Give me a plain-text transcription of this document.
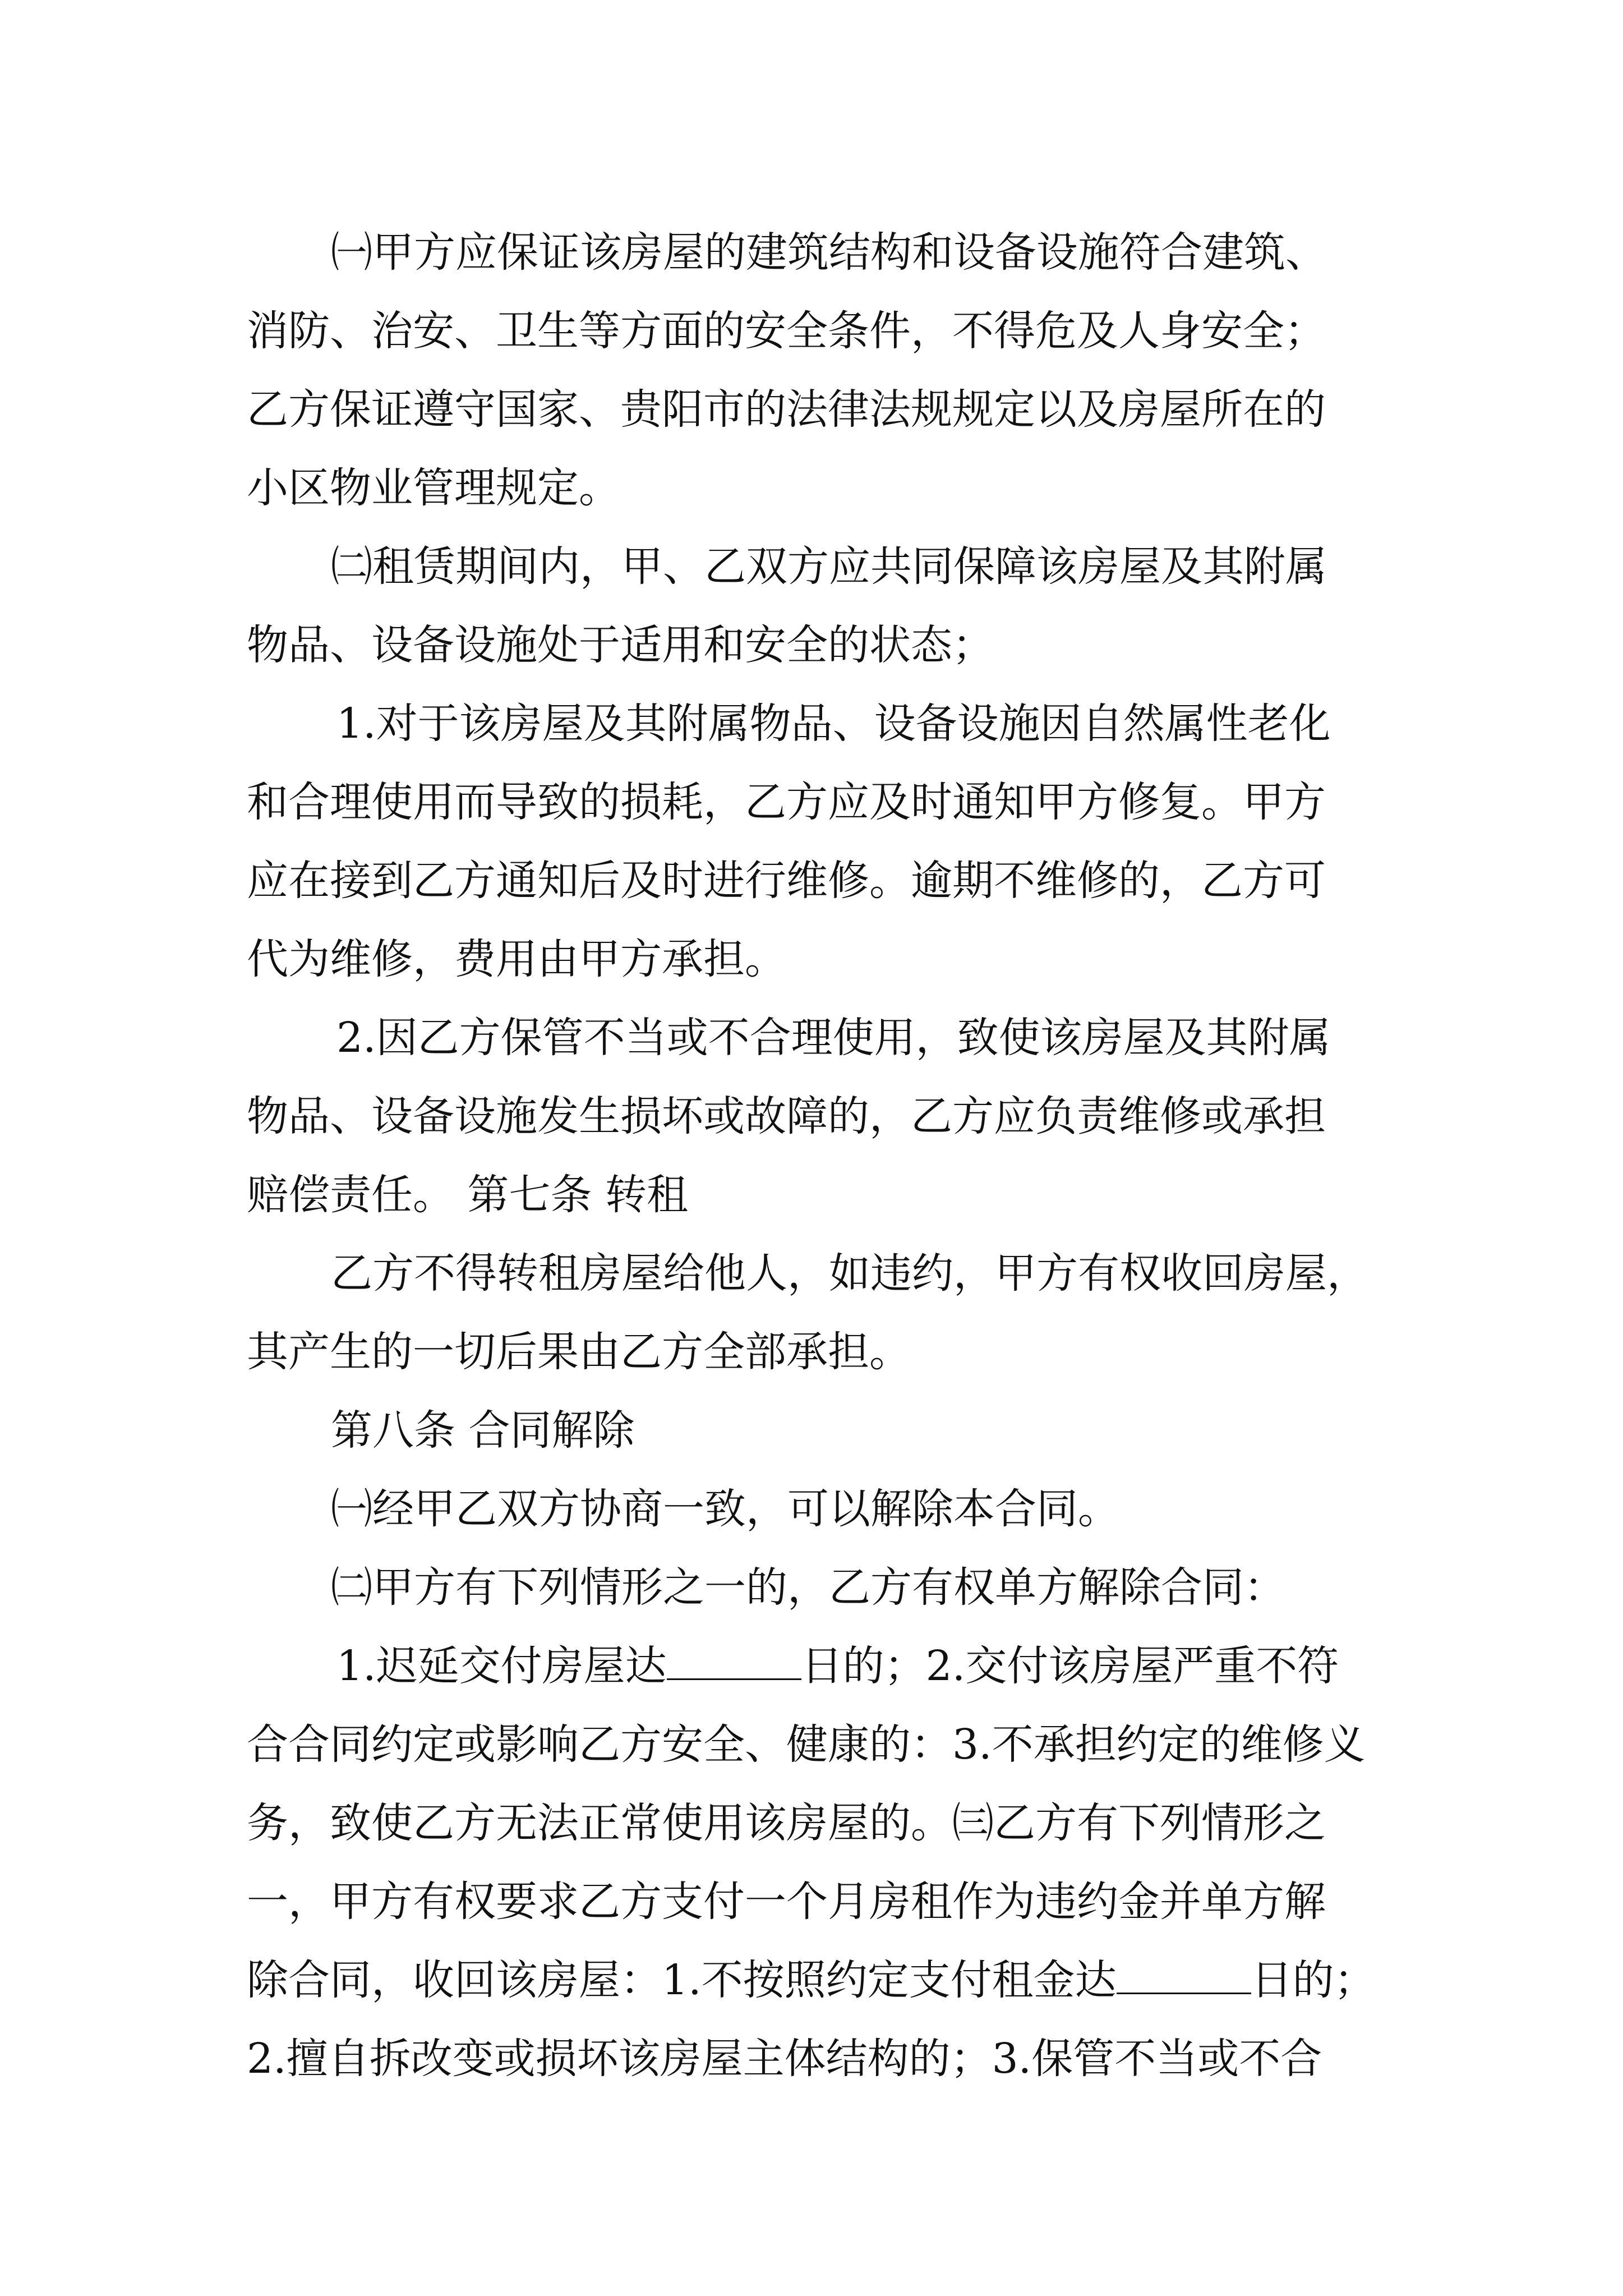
㈠甲方应保证该房屋的建筑结构和设备设施符合建筑、
消防、治安、卫生等方面的安全条件，不得危及人身安全；
乙方保证遵守国家、贵阳市的法律法规规定以及房屋所在的
小区物业管理规定。
㈡租赁期间内，甲、乙双方应共同保障该房屋及其附属
物品、设备设施处于适用和安全的状态；
1.对于该房屋及其附属物品、设备设施因自然属性老化
和合理使用而导致的损耗，乙方应及时通知甲方修复。甲方
应在接到乙方通知后及时进行维修。逾期不维修的，乙方可
代为维修，费用由甲方承担。
2.因乙方保管不当或不合理使用，致使该房屋及其附属
物品、设备设施发生损坏或故障的，乙方应负责维修或承担
赔偿责任。 第七条 转租
乙方不得转租房屋给他人，如违约，甲方有权收回房屋，
其产生的一切后果由乙方全部承担。
第八条 合同解除
㈠经甲乙双方协商一致，可以解除本合同。
㈡甲方有下列情形之一的，乙方有权单方解除合同：
1.迟延交付房屋达	日的；2.交付该房屋严重不符
合合同约定或影响乙方安全、健康的：3.不承担约定的维修义
务，致使乙方无法正常使用该房屋的。㈢乙方有下列情形之
一，甲方有权要求乙方支付一个月房租作为违约金并单方解
除合同，收回该房屋：1.不按照约定支付租金达	日的；
2.擅自拆改变或损坏该房屋主体结构的；3.保管不当或不合
